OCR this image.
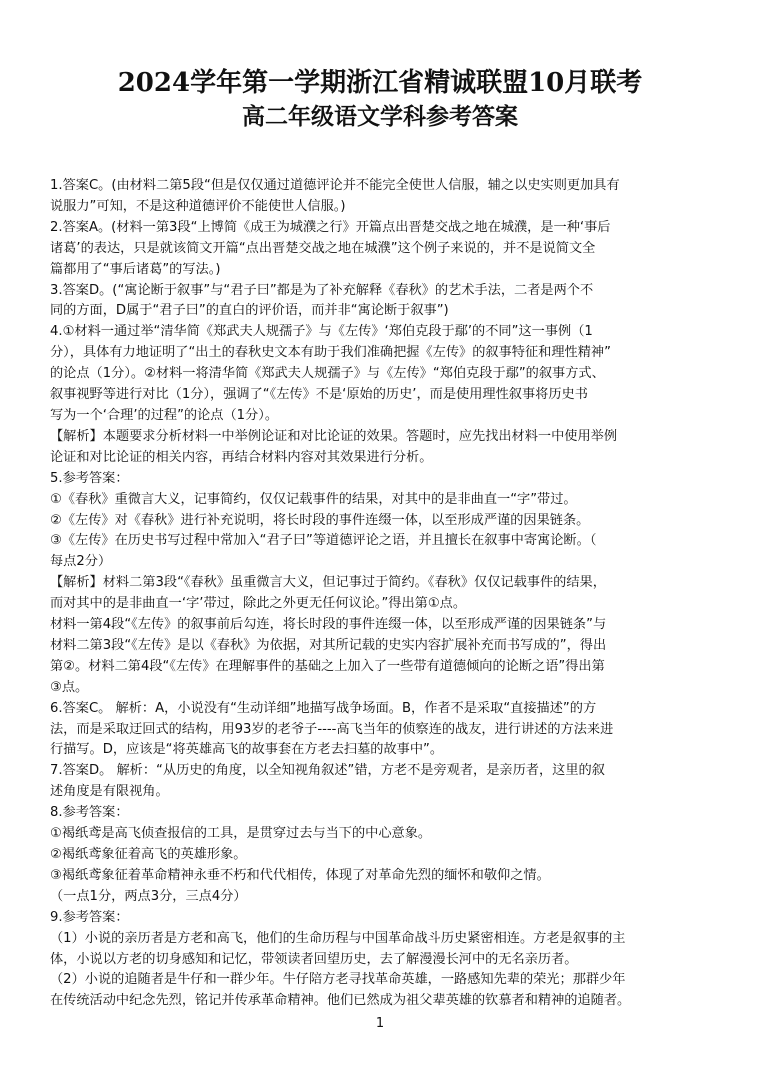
2024学年第一学期浙江省精诚联盟10月联考
高二年级语文学科参考答案
1.答案C。(由材料二第5段“但是仅仅通过道德评论并不能完全使世人信服，辅之以史实则更加具有
说服力”可知，不是这种道德评价不能使世人信服。)
2.答案A。(材料一第3段“上博简《成王为城濮之行》开篇点出晋楚交战之地在城濮，是一种‘事后
诸葛’的表达，只是就该简文开篇“点出晋楚交战之地在城濮”这个例子来说的，并不是说简文全
篇都用了“事后诸葛”的写法。)
3.答案D。(“寓论断于叙事”与“君子曰”都是为了补充解释《春秋》的艺术手法，二者是两个不
同的方面，D属于“君子曰”的直白的评价语，而并非“寓论断于叙事”)
4.①材料一通过举“清华简《郑武夫人规孺子》与《左传》‘郑伯克段于鄢’的不同”这一事例（1
分），具体有力地证明了“出土的春秋史文本有助于我们准确把握《左传》的叙事特征和理性精神”
的论点（1分）。②材料一将清华简《郑武夫人规孺子》与《左传》“郑伯克段于鄢”的叙事方式、
叙事视野等进行对比（1分），强调了“《左传》不是‘原始的历史’，而是使用理性叙事将历史书
写为一个‘合理’的过程”的论点（1分）。
【解析】本题要求分析材料一中举例论证和对比论证的效果。答题时，应先找出材料一中使用举例
论证和对比论证的相关内容，再结合材料内容对其效果进行分析。
5.参考答案：
①《春秋》重微言大义，记事简约，仅仅记载事件的结果，对其中的是非曲直一“字”带过。
②《左传》对《春秋》进行补充说明，将长时段的事件连缀一体，以至形成严谨的因果链条。
③《左传》在历史书写过程中常加入“君子曰”等道德评论之语，并且擅长在叙事中寄寓论断。（
每点2分）
【解析】材料二第3段“《春秋》虽重微言大义，但记事过于简约。《春秋》仅仅记载事件的结果，
而对其中的是非曲直一‘字’带过，除此之外更无任何议论。”得出第①点。
材料一第4段“《左传》的叙事前后勾连，将长时段的事件连缀一体，以至形成严谨的因果链条”与
材料二第3段“《左传》是以《春秋》为依据，对其所记载的史实内容扩展补充而书写成的”，得出
第②。材料二第4段“《左传》在理解事件的基础之上加入了一些带有道德倾向的论断之语”得出第
③点。
6.答案C。 解析：A，小说没有“生动详细”地描写战争场面。B，作者不是采取“直接描述”的方
法，而是采取迂回式的结构，用93岁的老爷子----高飞当年的侦察连的战友，进行讲述的方法来进
行描写。D，应该是“将英雄高飞的故事套在方老去扫墓的故事中”。
7.答案D。 解析：“从历史的角度，以全知视角叙述”错，方老不是旁观者，是亲历者，这里的叙
述角度是有限视角。
8.参考答案：
①褐纸鸢是高飞侦查报信的工具，是贯穿过去与当下的中心意象。
②褐纸鸢象征着高飞的英雄形象。
③褐纸鸢象征着革命精神永垂不朽和代代相传，体现了对革命先烈的缅怀和敬仰之情。
（一点1分，两点3分，三点4分）
9.参考答案：
（1）小说的亲历者是方老和高飞，他们的生命历程与中国革命战斗历史紧密相连。方老是叙事的主
体，小说以方老的切身感知和记忆，带领读者回望历史，去了解漫漫长河中的无名亲历者。
（2）小说的追随者是牛仔和一群少年。牛仔陪方老寻找革命英雄，一路感知先辈的荣光；那群少年
在传统活动中纪念先烈，铭记并传承革命精神。他们已然成为祖父辈英雄的钦慕者和精神的追随者。
1
